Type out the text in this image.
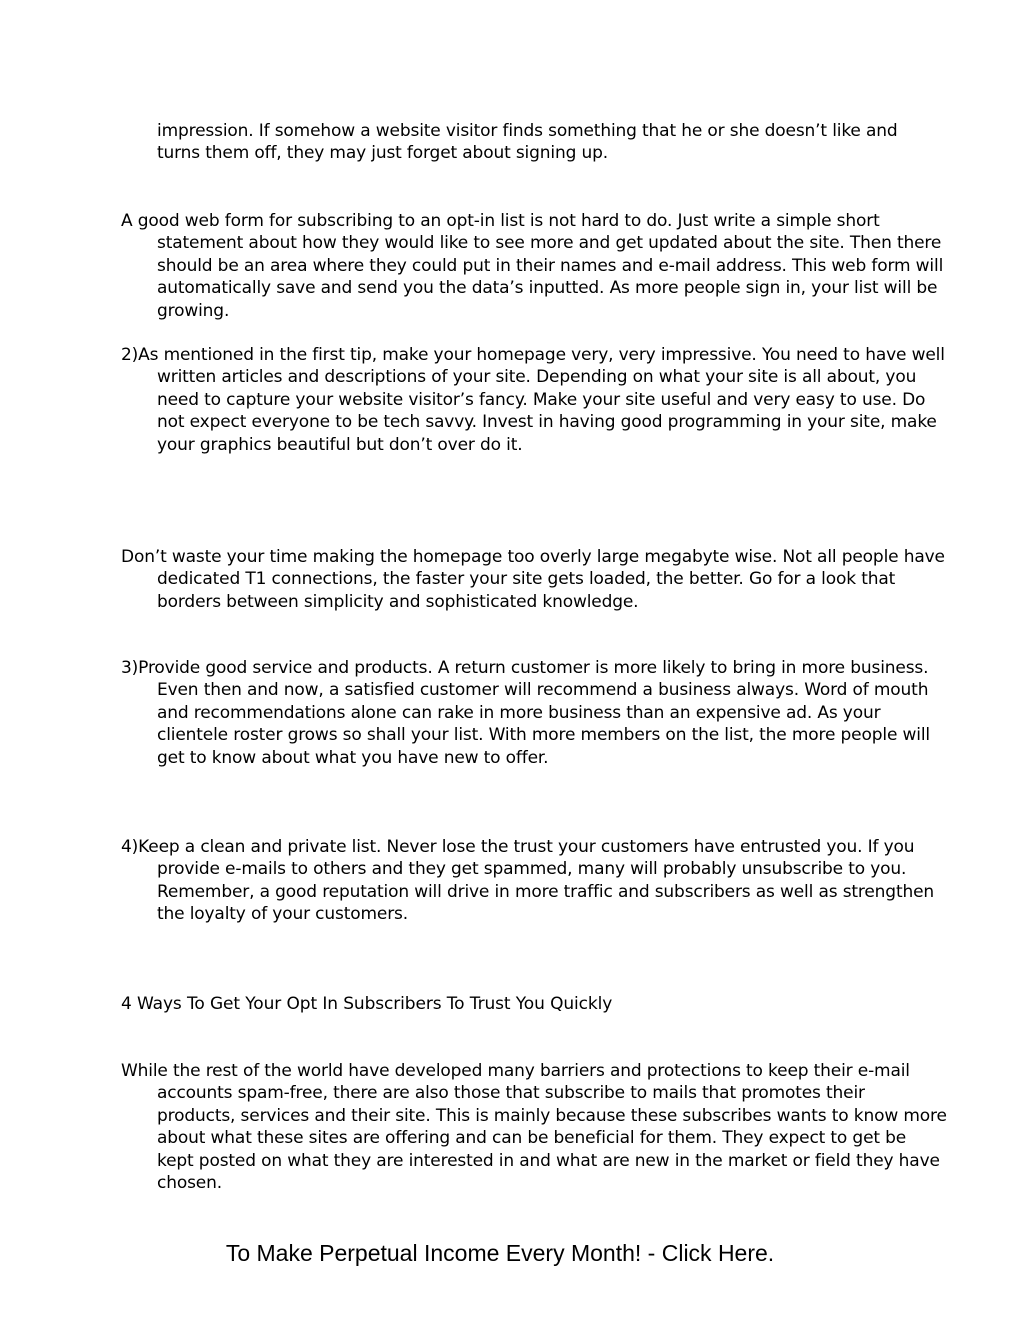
impression. If somehow a website visitor finds something that he or she doesn’t like and turns them off, they may just forget about signing up.

A good web form for subscribing to an opt-in list is not hard to do. Just write a simple short statement about how they would like to see more and get updated about the site. Then there should be an area where they could put in their names and e-mail address. This web form will automatically save and send you the data’s inputted. As more people sign in, your list will be growing.

2)As mentioned in the first tip, make your homepage very, very impressive. You need to have well written articles and descriptions of your site. Depending on what your site is all about, you need to capture your website visitor’s fancy. Make your site useful and very easy to use. Do not expect everyone to be tech savvy. Invest in having good programming in your site, make your graphics beautiful but don’t over do it.

Don’t waste your time making the homepage too overly large megabyte wise. Not all people have dedicated T1 connections, the faster your site gets loaded, the better. Go for a look that borders between simplicity and sophisticated knowledge.

3)Provide good service and products. A return customer is more likely to bring in more business. Even then and now, a satisfied customer will recommend a business always. Word of mouth and recommendations alone can rake in more business than an expensive ad. As your clientele roster grows so shall your list. With more members on the list, the more people will get to know about what you have new to offer.

4)Keep a clean and private list. Never lose the trust your customers have entrusted you. If you provide e-mails to others and they get spammed, many will probably unsubscribe to you. Remember, a good reputation will drive in more traffic and subscribers as well as strengthen the loyalty of your customers.

4 Ways To Get Your Opt In Subscribers To Trust You Quickly

While the rest of the world have developed many barriers and protections to keep their e-mail accounts spam-free, there are also those that subscribe to mails that promotes their products, services and their site. This is mainly because these subscribes wants to know more about what these sites are offering and can be beneficial for them. They expect to get be kept posted on what they are interested in and what are new in the market or field they have chosen.

To Make Perpetual Income Every Month! - Click Here.
